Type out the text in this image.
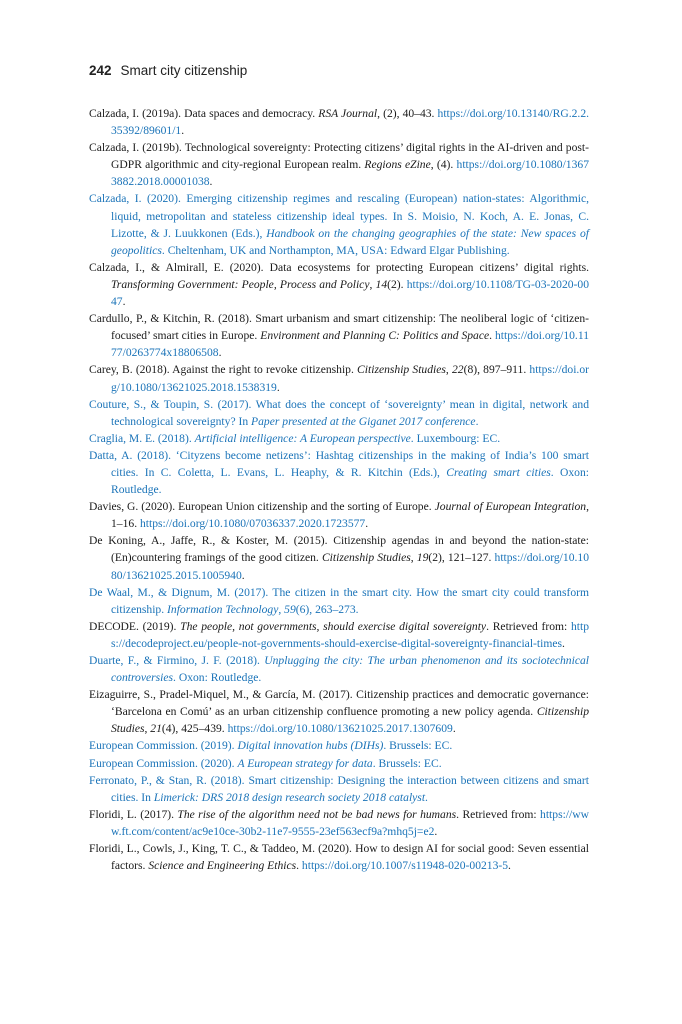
242 Smart city citizenship

Calzada, I. (2019a). Data spaces and democracy. RSA Journal, (2), 40–43. https://doi.org/10.13140/RG.2.2.35392/89601/1.

Calzada, I. (2019b). Technological sovereignty: Protecting citizens’ digital rights in the AI-driven and post-GDPR algorithmic and city-regional European realm. Regions eZine, (4). https://doi.org/10.1080/13673882.2018.00001038.

Calzada, I. (2020). Emerging citizenship regimes and rescaling (European) nation-states: Algorithmic, liquid, metropolitan and stateless citizenship ideal types. In S. Moisio, N. Koch, A. E. Jonas, C. Lizotte, & J. Luukkonen (Eds.), Handbook on the changing geographies of the state: New spaces of geopolitics. Cheltenham, UK and Northampton, MA, USA: Edward Elgar Publishing.

Calzada, I., & Almirall, E. (2020). Data ecosystems for protecting European citizens’ digital rights. Transforming Government: People, Process and Policy, 14(2). https://doi.org/10.1108/TG-03-2020-0047.

Cardullo, P., & Kitchin, R. (2018). Smart urbanism and smart citizenship: The neoliberal logic of ‘citizen-focused’ smart cities in Europe. Environment and Planning C: Politics and Space. https://doi.org/10.1177/0263774x18806508.

Carey, B. (2018). Against the right to revoke citizenship. Citizenship Studies, 22(8), 897–911. https://doi.org/10.1080/13621025.2018.1538319.

Couture, S., & Toupin, S. (2017). What does the concept of ‘sovereignty’ mean in digital, network and technological sovereignty? In Paper presented at the Giganet 2017 conference.

Craglia, M. E. (2018). Artificial intelligence: A European perspective. Luxembourg: EC.

Datta, A. (2018). ‘Cityzens become netizens’: Hashtag citizenships in the making of India’s 100 smart cities. In C. Coletta, L. Evans, L. Heaphy, & R. Kitchin (Eds.), Creating smart cities. Oxon: Routledge.

Davies, G. (2020). European Union citizenship and the sorting of Europe. Journal of European Integration, 1–16. https://doi.org/10.1080/07036337.2020.1723577.

De Koning, A., Jaffe, R., & Koster, M. (2015). Citizenship agendas in and beyond the nation-state: (En)countering framings of the good citizen. Citizenship Studies, 19(2), 121–127. https://doi.org/10.1080/13621025.2015.1005940.

De Waal, M., & Dignum, M. (2017). The citizen in the smart city. How the smart city could transform citizenship. Information Technology, 59(6), 263–273.

DECODE. (2019). The people, not governments, should exercise digital sovereignty. Retrieved from: https://decodeproject.eu/people-not-governments-should-exercise-digital-sovereignty-financial-times.

Duarte, F., & Firmino, J. F. (2018). Unplugging the city: The urban phenomenon and its sociotechnical controversies. Oxon: Routledge.

Eizaguirre, S., Pradel-Miquel, M., & García, M. (2017). Citizenship practices and democratic governance: ‘Barcelona en Comú’ as an urban citizenship confluence promoting a new policy agenda. Citizenship Studies, 21(4), 425–439. https://doi.org/10.1080/13621025.2017.1307609.

European Commission. (2019). Digital innovation hubs (DIHs). Brussels: EC.

European Commission. (2020). A European strategy for data. Brussels: EC.

Ferronato, P., & Stan, R. (2018). Smart citizenship: Designing the interaction between citizens and smart cities. In Limerick: DRS 2018 design research society 2018 catalyst.

Floridi, L. (2017). The rise of the algorithm need not be bad news for humans. Retrieved from: https://www.ft.com/content/ac9e10ce-30b2-11e7-9555-23ef563ecf9a?mhq5j=e2.

Floridi, L., Cowls, J., King, T. C., & Taddeo, M. (2020). How to design AI for social good: Seven essential factors. Science and Engineering Ethics. https://doi.org/10.1007/s11948-020-00213-5.
